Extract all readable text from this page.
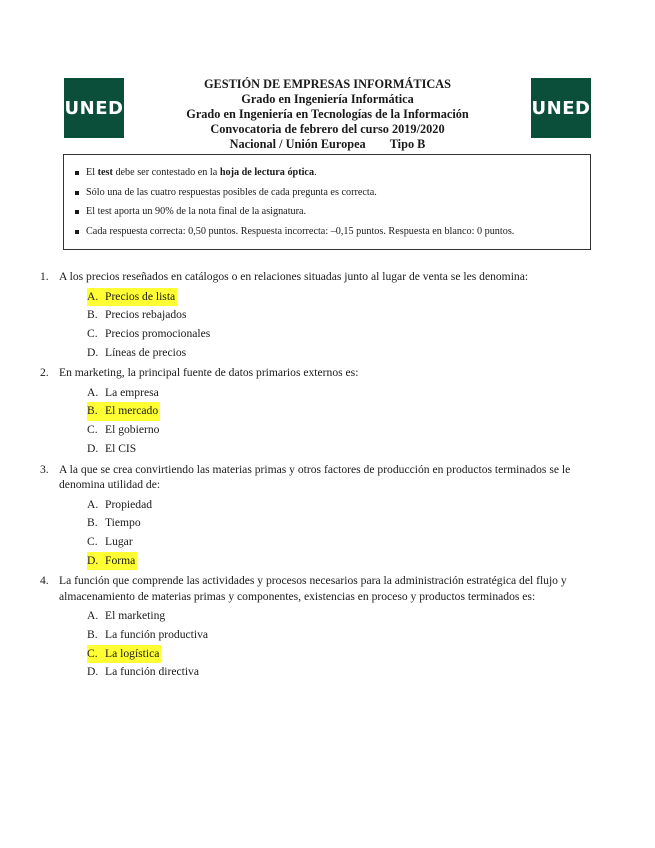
UNED	UNED
GESTIÓN DE EMPRESAS INFORMÁTICAS
Grado en Ingeniería Informática
Grado en Ingeniería en Tecnologías de la Información
Convocatoria de febrero del curso 2019/2020
Nacional / Unión Europea Tipo B
El test debe ser contestado en la hoja de lectura óptica.
Sólo una de las cuatro respuestas posibles de cada pregunta es correcta.
El test aporta un 90% de la nota final de la asignatura.
Cada respuesta correcta: 0,50 puntos. Respuesta incorrecta: –0,15 puntos. Respuesta en blanco: 0 puntos.
1. A los precios reseñados en catálogos o en relaciones situadas junto al lugar de venta se les denomina:
A. Precios de lista
B. Precios rebajados
C. Precios promocionales
D. Líneas de precios
2. En marketing, la principal fuente de datos primarios externos es:
A. La empresa
B. El mercado
C. El gobierno
D. El CIS
3. A la que se crea convirtiendo las materias primas y otros factores de producción en productos terminados se le denomina utilidad de:
A. Propiedad
B. Tiempo
C. Lugar
D. Forma
4. La función que comprende las actividades y procesos necesarios para la administración estratégica del flujo y almacenamiento de materias primas y componentes, existencias en proceso y productos terminados es:
A. El marketing
B. La función productiva
C. La logística
D. La función directiva
